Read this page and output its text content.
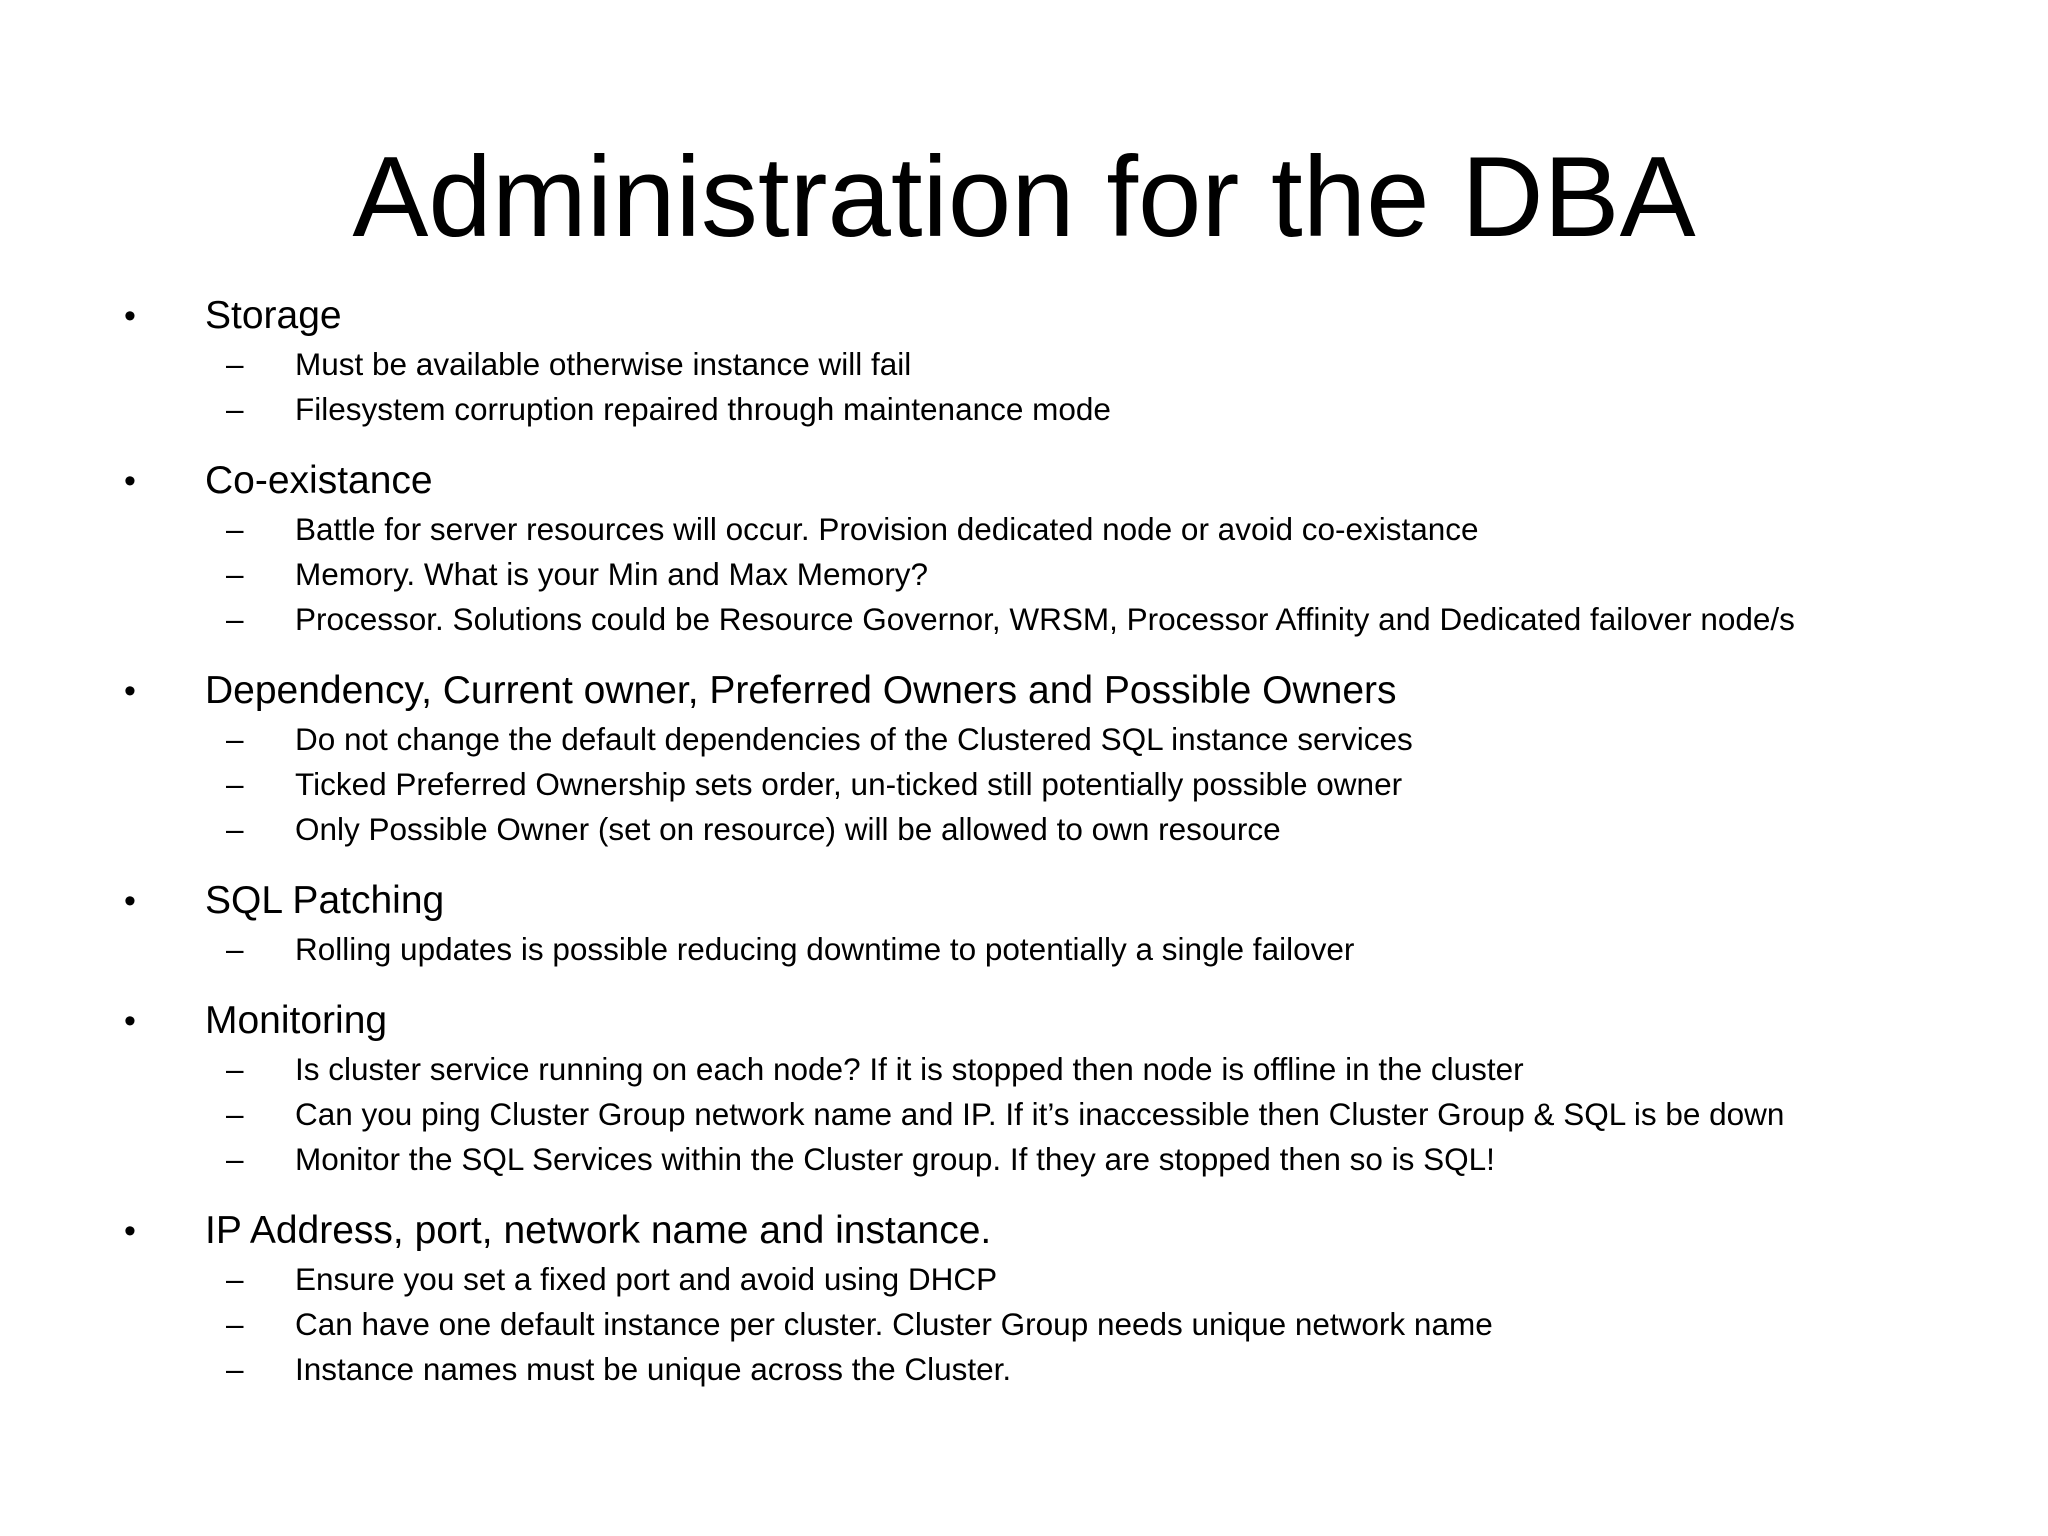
Administration for the DBA
•	Storage
– Must be available otherwise instance will fail
– Filesystem corruption repaired through maintenance mode
•	Co-existance
– Battle for server resources will occur. Provision dedicated node or avoid co-existance
– Memory. What is your Min and Max Memory?
– Processor. Solutions could be Resource Governor, WRSM, Processor Affinity and Dedicated failover node/s
•	Dependency, Current owner, Preferred Owners and Possible Owners
– Do not change the default dependencies of the Clustered SQL instance services
– Ticked Preferred Ownership sets order, un-ticked still potentially possible owner
– Only Possible Owner (set on resource) will be allowed to own resource
•	SQL Patching
– Rolling updates is possible reducing downtime to potentially a single failover
•	Monitoring
– Is cluster service running on each node? If it is stopped then node is offline in the cluster
– Can you ping Cluster Group network name and IP. If it’s inaccessible then Cluster Group & SQL is be down
– Monitor the SQL Services within the Cluster group. If they are stopped then so is SQL!
•	IP Address, port, network name and instance.
– Ensure you set a fixed port and avoid using DHCP
– Can have one default instance per cluster. Cluster Group needs unique network name
– Instance names must be unique across the Cluster.
